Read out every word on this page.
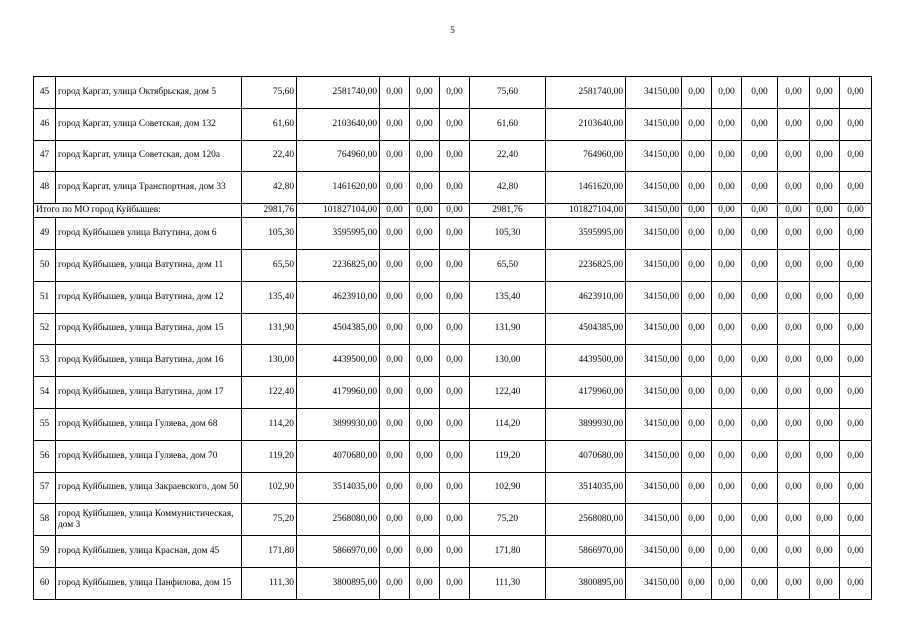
5
45	город Каргат, улица Октябрьская, дом 5	75,60	2581740,00	0,00	0,00	0,00	75,60	2581740,00	34150,00	0,00	0,00	0,00	0,00	0,00	0,00
46	город Каргат, улица Советская, дом 132	61,60	2103640,00	0,00	0,00	0,00	61,60	2103640,00	34150,00	0,00	0,00	0,00	0,00	0,00	0,00
47	город Каргат, улица Советская, дом 120а	22,40	764960,00	0,00	0,00	0,00	22,40	764960,00	34150,00	0,00	0,00	0,00	0,00	0,00	0,00
48	город Каргат, улица Транспортная, дом 33	42,80	1461620,00	0,00	0,00	0,00	42,80	1461620,00	34150,00	0,00	0,00	0,00	0,00	0,00	0,00
Итого по МО город Куйбышев:		2981,76	101827104,00	0,00	0,00	0,00	2981,76	101827104,00	34150,00	0,00	0,00	0,00	0,00	0,00	0,00
49	город Куйбышев улица Ватутина, дом 6	105,30	3595995,00	0,00	0,00	0,00	105,30	3595995,00	34150,00	0,00	0,00	0,00	0,00	0,00	0,00
50	город Куйбышев, улица Ватутина, дом 11	65,50	2236825,00	0,00	0,00	0,00	65,50	2236825,00	34150,00	0,00	0,00	0,00	0,00	0,00	0,00
51	город Куйбышев, улица Ватутина, дом 12	135,40	4623910,00	0,00	0,00	0,00	135,40	4623910,00	34150,00	0,00	0,00	0,00	0,00	0,00	0,00
52	город Куйбышев, улица Ватутина, дом 15	131,90	4504385,00	0,00	0,00	0,00	131,90	4504385,00	34150,00	0,00	0,00	0,00	0,00	0,00	0,00
53	город Куйбышев, улица Ватутина, дом 16	130,00	4439500,00	0,00	0,00	0,00	130,00	4439500,00	34150,00	0,00	0,00	0,00	0,00	0,00	0,00
54	город Куйбышев, улица Ватутина, дом 17	122,40	4179960,00	0,00	0,00	0,00	122,40	4179960,00	34150,00	0,00	0,00	0,00	0,00	0,00	0,00
55	город Куйбышев, улица Гуляева, дом 68	114,20	3899930,00	0,00	0,00	0,00	114,20	3899930,00	34150,00	0,00	0,00	0,00	0,00	0,00	0,00
56	город Куйбышев, улица Гуляева, дом 70	119,20	4070680,00	0,00	0,00	0,00	119,20	4070680,00	34150,00	0,00	0,00	0,00	0,00	0,00	0,00
57	город Куйбышев, улица Закраевского, дом 50	102,90	3514035,00	0,00	0,00	0,00	102,90	3514035,00	34150,00	0,00	0,00	0,00	0,00	0,00	0,00
58	город Куйбышев, улица Коммунистическая, дом 3	75,20	2568080,00	0,00	0,00	0,00	75,20	2568080,00	34150,00	0,00	0,00	0,00	0,00	0,00	0,00
59	город Куйбышев, улица Красная, дом 45	171,80	5866970,00	0,00	0,00	0,00	171,80	5866970,00	34150,00	0,00	0,00	0,00	0,00	0,00	0,00
60	город Куйбышев, улица Панфилова, дом 15	111,30	3800895,00	0,00	0,00	0,00	111,30	3800895,00	34150,00	0,00	0,00	0,00	0,00	0,00	0,00
